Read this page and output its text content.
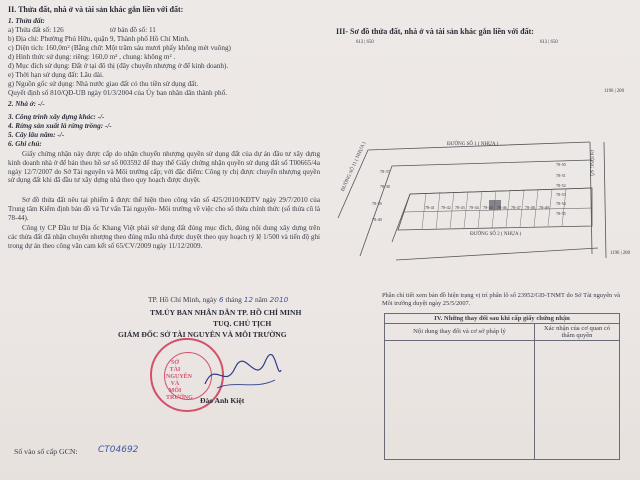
II. Thửa đất, nhà ở và tài sản khác gắn liền với đất:
1. Thửa đất:
a) Thửa đất số: 126	tờ bản đồ số: 11
b) Địa chỉ: Phường Phú Hữu, quận 9, Thành phố Hồ Chí Minh.
c) Diện tích: 160,0m² (Bằng chữ: Một trăm sáu mươi phẩy không mét vuông)
d) Hình thức sử dụng: riêng: 160,0 m² , chung: không m² .
đ) Mục đích sử dụng: Đất ở tại đô thị (đây chuyển nhượng ở để kinh doanh).
e) Thời hạn sử dụng đất: Lâu dài.
g) Nguồn gốc sử dụng: Nhà nước giao đất có thu tiền sử dụng đất.
Quyết định số 810/QĐ-UB ngày 01/3/2004 của Ủy ban nhân dân thành phố.
2. Nhà ở: -/-
3. Công trình xây dựng khác: -/-
4. Rừng sản xuất là rừng trồng: -/-
5. Cây lâu năm: -/-
6. Ghi chú:
Giấy chứng nhận này được cấp do nhận chuyển nhượng quyền sử dụng đất của dự án đầu tư xây dựng kinh doanh nhà ở để bán theo hồ sơ số 003592 để thay thế Giấy chứng nhận quyền sử dụng đất số T00665/4a ngày 12/7/2007 do Sở Tài nguyên và Môi trường cấp; với đặc điểm: Công ty chị được chuyển nhượng quyền sử dụng đất khi đã đầu tư xây dựng nhà theo quy hoạch được duyệt.
Sơ đồ thửa đất nêu tại phiếm ă được thể hiện theo công văn số 425/2010/KĐTV ngày 29/7/2010 của Trung tâm Kiểm định bản đồ và Tư vấn Tài nguyên- Môi trường về việc cho số thửa chính thức (số thửa cũ là 78-44).
Công ty CP Đầu tư Địa ốc Khang Việt phải sử dụng đất đúng mục đích, đúng nội dung xây dựng trên các thửa đất đã nhận chuyển nhượng theo đúng mẫu nhà được duyệt theo quy hoạch tỷ lệ 1/500 và tiến độ ghi trong dự án theo công văn cam kết số 65/CV/2009 ngày 11/12/2009.
TP. Hồ Chí Minh, ngày 6 tháng 12 năm 2010
TM.ỦY BAN NHÂN DÂN TP. HỒ CHÍ MINH
TUQ. CHỦ TỊCH
GIÁM ĐỐC SỞ TÀI NGUYÊN VÀ MÔI TRƯỜNG
SỞ TÀI NGUYÊN VÀ MÔI TRƯỜNG Đào Anh Kiệt
Số vào sổ cấp GCN: CT04692
III- Sơ đồ thửa đất, nhà ở và tài sản khác gắn liền với đất:
613 | 650	613 | 650
1196 | 200
1196 | 200
ĐƯỜNG SỐ 1 ( NHỰA )
ĐƯỜNG SỐ 2 ( NHỰA )
ĐƯỜNG SỐ 11 ( NHỰA )	ĐƯỜNG SỐ
78-37
78-38
78-39
78-40
78-41 78-42 78-43 78-44 78-45 78-46 78-47 78-48 78-49
78-50
78-51
78-52
78-53
78-54
78-55
Phần chỉ tiết xem bản đồ hiện trạng vị trí phân lô số 23952/GĐ-TNMT do Sở Tài nguyên và Môi trường duyệt ngày 25/5/2007.
IV. Những thay đổi sau khi cấp giấy chứng nhận
Nội dung thay đổi và cơ sở pháp lý	Xác nhận của cơ quan có thẩm quyền
